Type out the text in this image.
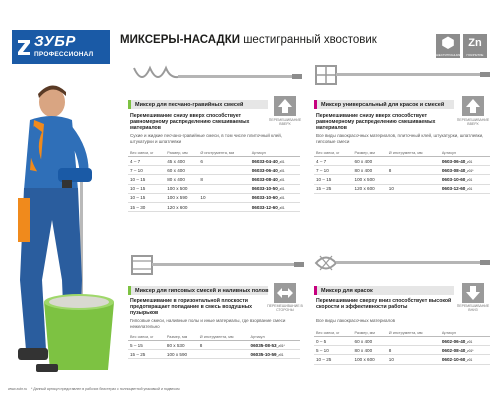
ЗУБР
ПРОФЕССИОНАЛ
МИКСЕРЫ-НАСАДКИ шестигранный хвостовик
ШЕСТИГРАННИК
Zn
ПОКРЫТИЕ
Миксер для песчано-гравийных смесей
ПЕРЕМЕШИВАНИЕ ВВЕРХ
Перемешивание снизу вверх способствует равномерному распределению смешиваемых материалов
Сухие и жидкие песчано-гравийные смеси, в том числе плиточный клей, штукатурки и шпатлевки
Вес смеси, кг	Размер, мм	Ø инструмента, мм	Артикул
4 – 7	45 x 400	6	06033-04-40_z01
7 – 10	60 x 400		06033-06-40_z01
10 – 15	80 x 400	8	06033-08-40_z01
10 – 15	100 x 500		06033-10-50_z01
10 – 15	100 x 590	10	06033-10-60_z01
15 – 30	120 x 600		06033-12-60_z01
Миксер универсальный для красок и смесей
ПЕРЕМЕШИВАНИЕ ВВЕРХ
Перемешивание снизу вверх способствует равномерному распределению смешиваемых материалов
Все виды лакокрасочных материалов, плиточный клей, штукатурки, шпатлевки, гипсовые смеси
Вес смеси, кг	Размер, мм	Ø инструмента, мм	Артикул
4 – 7	60 x 400		0603-06-40_z01
7 – 10	80 x 400	8	0603-08-40_z01*
10 – 15	100 x 500		0603-10-60_z01
15 – 25	120 x 600	10	0603-12-60_z01
Миксер для гипсовых смесей и наливных полов
ПЕРЕМЕШИВАНИЕ В СТОРОНЫ
Перемешивание в горизонтальной плоскости предотвращает попадание в смесь воздушных пузырьков
Гипсовые смеси, наливные полы и иные материалы, где взорвание смеси нежелательно
Вес смеси, кг	Размер, мм	Ø инструмента, мм	Артикул
5 – 15	80 x 530	8	06035-08-53_z01*
15 – 25	100 x 590		06035-10-59_z01
Миксер для красок
ПЕРЕМЕШИВАНИЕ ВНИЗ
Перемешивание сверху вниз способствует высокой скорости и эффективности работы
Все виды лакокрасочных материалов
Вес смеси, кг	Размер, мм	Ø инструмента, мм	Артикул
0 – 5	60 x 400		0602-06-40_z01
5 – 10	80 x 400	8	0602-08-40_z01*
10 – 25	100 x 600	10	0602-10-60_z01
www.zubr.ru * Данный артикул представлен в рабочих блистерах с полноцветной упаковкой и подвесом
